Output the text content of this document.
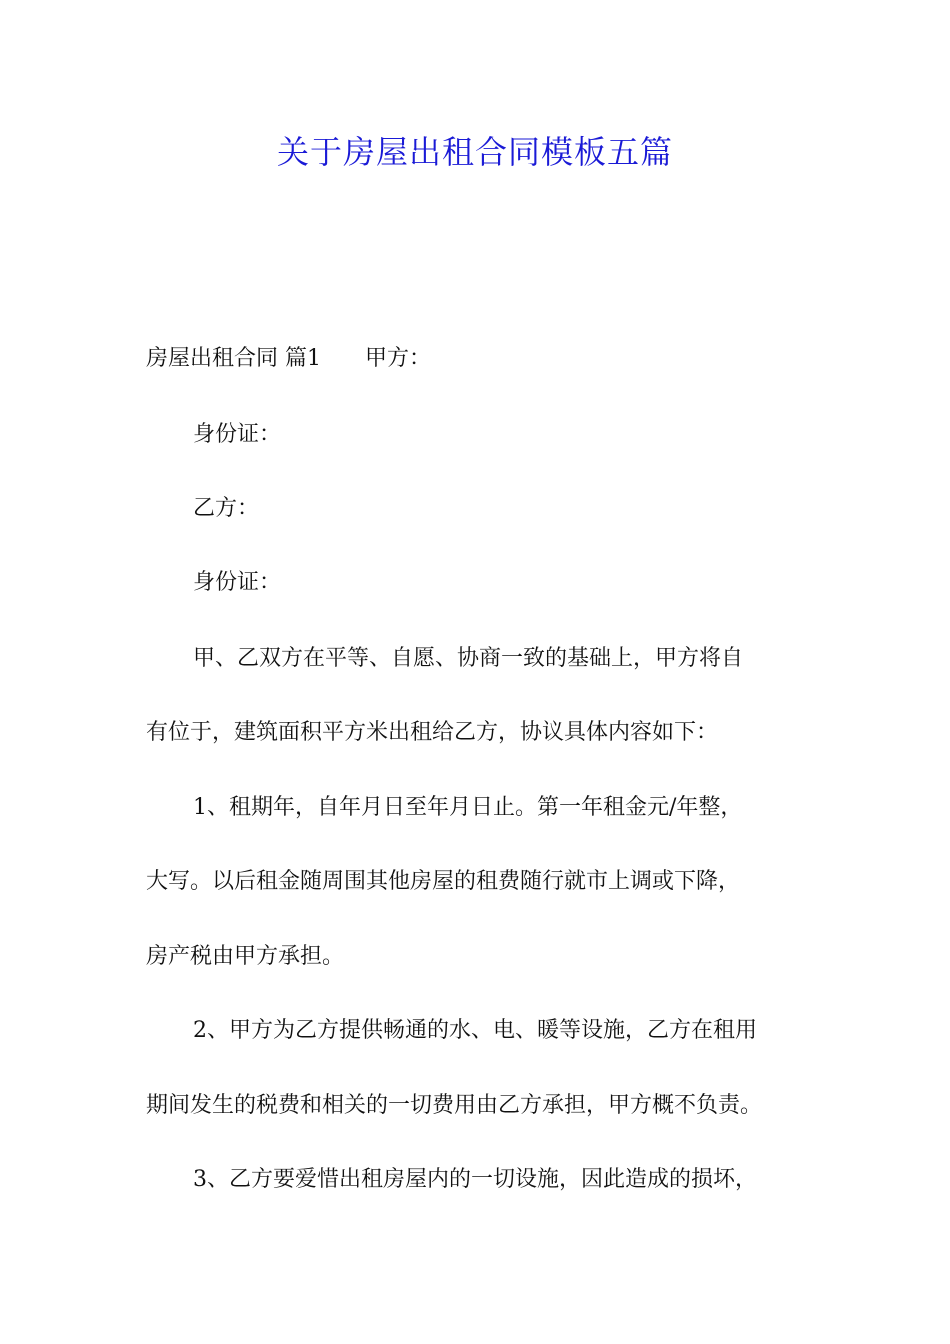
关于房屋出租合同模板五篇

房屋出租合同 篇1 甲方：

身份证：

乙方：

身份证：

甲、乙双方在平等、自愿、协商一致的基础上，甲方将自

有位于，建筑面积平方米出租给乙方，协议具体内容如下：

1、租期年，自年月日至年月日止。第一年租金元/年整，

大写。以后租金随周围其他房屋的租费随行就市上调或下降，

房产税由甲方承担。

2、甲方为乙方提供畅通的水、电、暖等设施，乙方在租用

期间发生的税费和相关的一切费用由乙方承担，甲方概不负责。

3、乙方要爱惜出租房屋内的一切设施，因此造成的损坏，
